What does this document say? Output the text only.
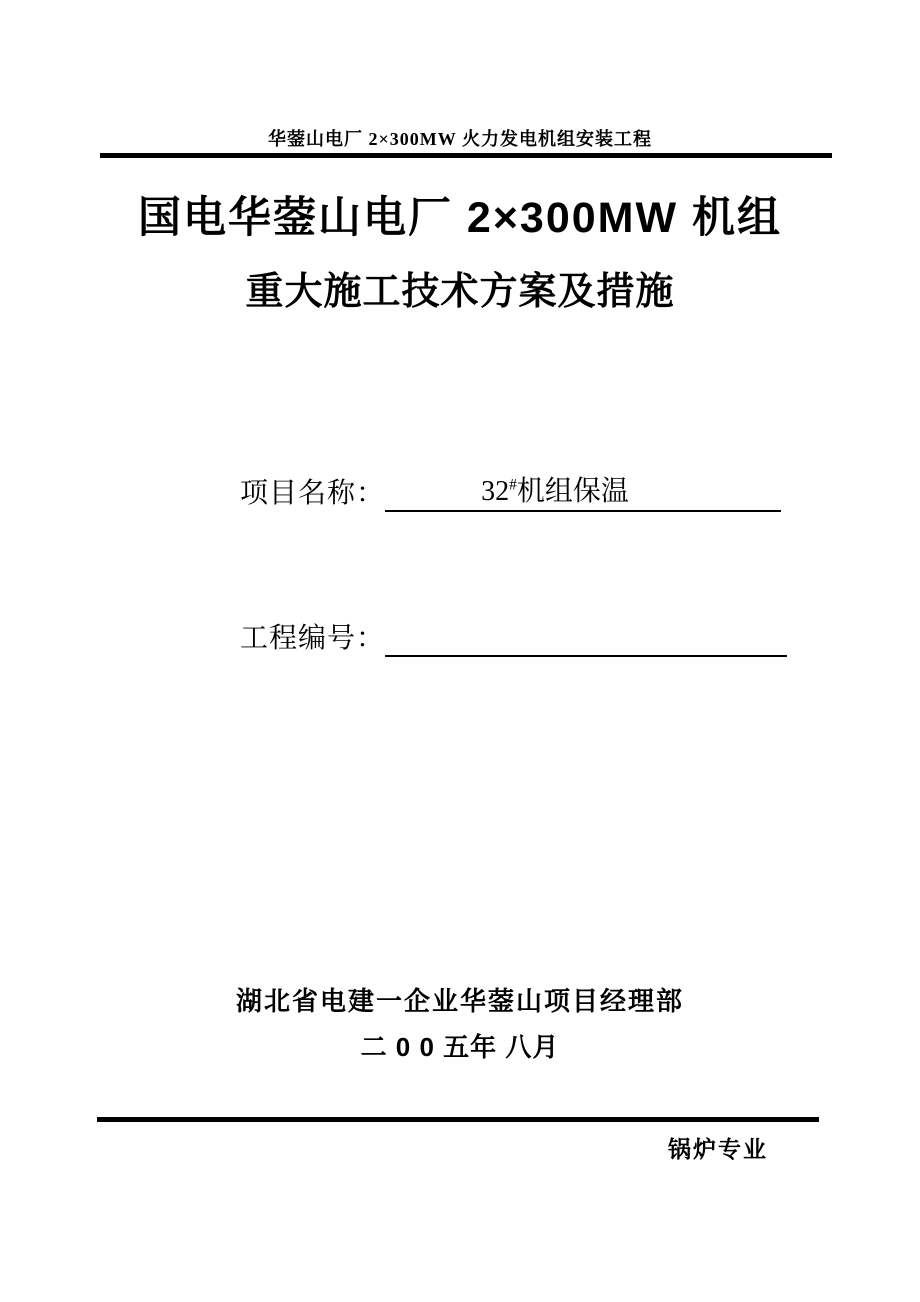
华蓥山电厂 2×300MW 火力发电机组安装工程
国电华蓥山电厂 2×300MW 机组
重大施工技术方案及措施
项目名称：	32#机组保温
工程编号：
湖北省电建一企业华蓥山项目经理部
二 0 0 五年 八月
锅炉专业
